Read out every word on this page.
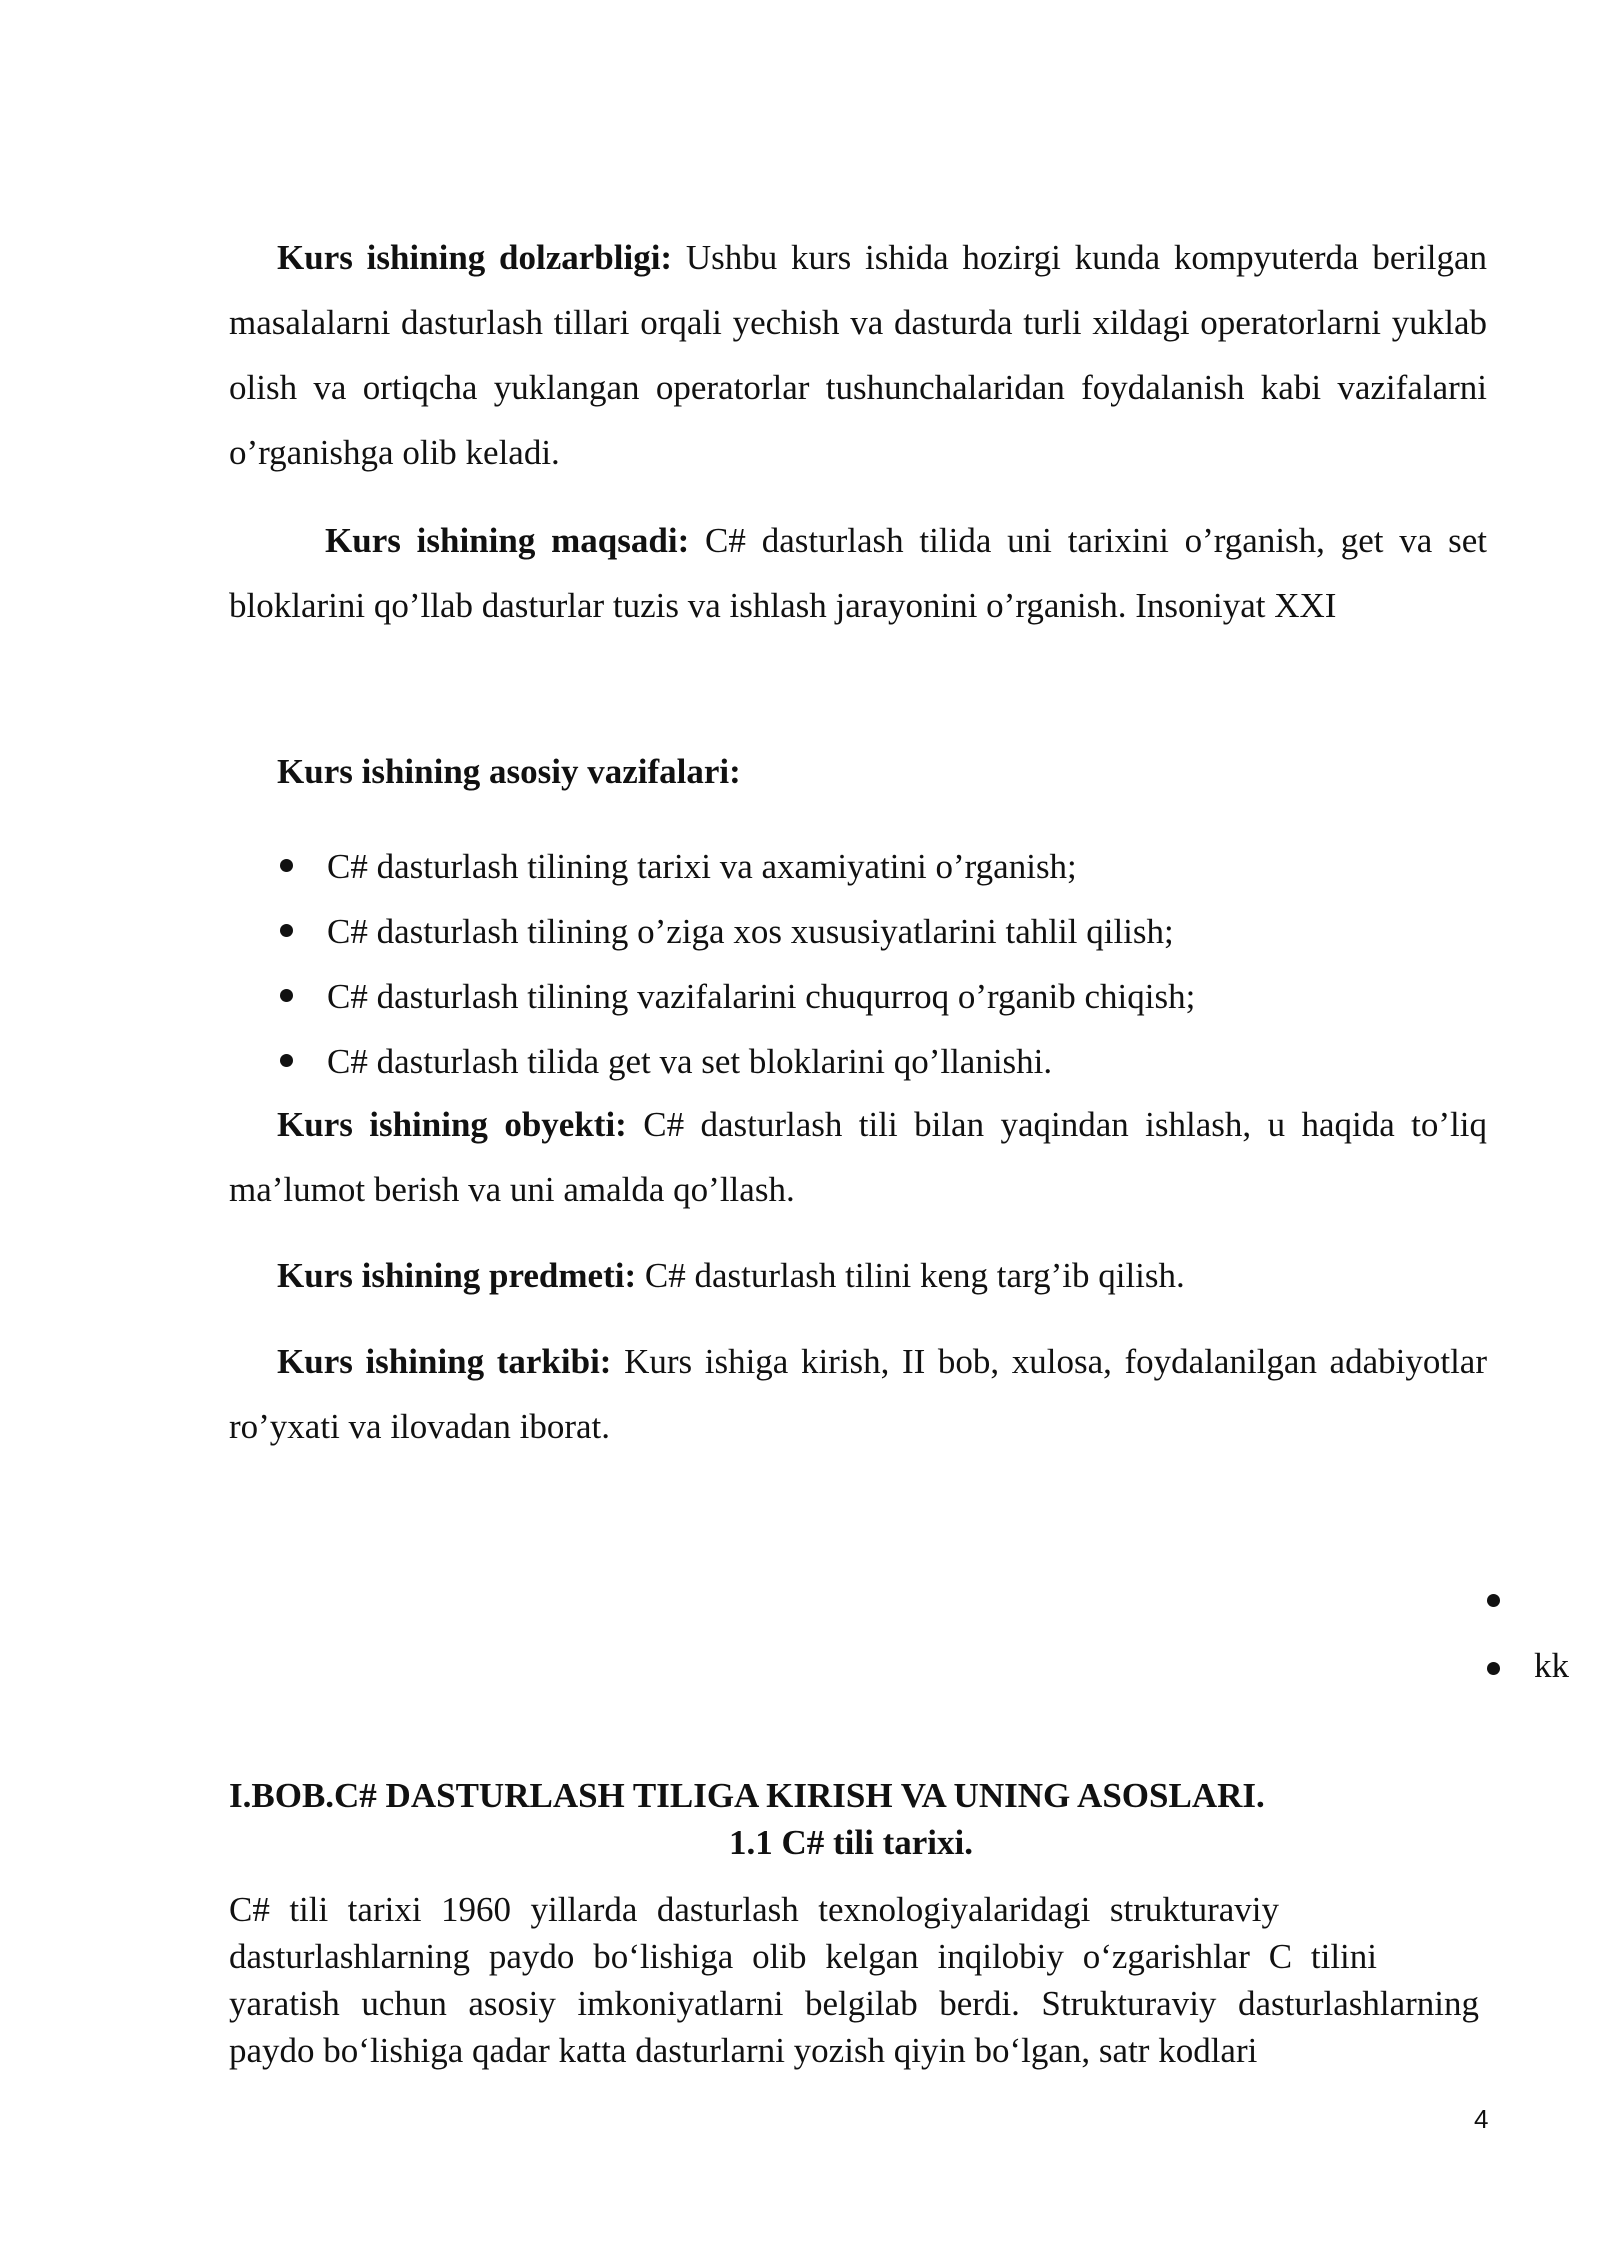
Kurs ishining dolzarbligi: Ushbu kurs ishida hozirgi kunda kompyuterda berilgan masalalarni dasturlash tillari orqali yechish va dasturda turli xildagi operatorlarni yuklab olish va ortiqcha yuklangan operatorlar tushunchalaridan foydalanish kabi vazifalarni o’rganishga olib keladi.

Kurs ishining maqsadi: C# dasturlash tilida uni tarixini o’rganish, get va set bloklarini qo’llab dasturlar tuzis va ishlash jarayonini o’rganish. Insoniyat XXI

Kurs ishining asosiy vazifalari:
C# dasturlash tilining tarixi va axamiyatini o’rganish;
C# dasturlash tilining o’ziga xos xususiyatlarini tahlil qilish;
C# dasturlash tilining vazifalarini chuqurroq o’rganib chiqish;
C# dasturlash tilida get va set bloklarini qo’llanishi.

Kurs ishining obyekti: C# dasturlash tili bilan yaqindan ishlash, u haqida to’liq ma’lumot berish va uni amalda qo’llash.

Kurs ishining predmeti: C# dasturlash tilini keng targ’ib qilish.

Kurs ishining tarkibi: Kurs ishiga kirish, II bob, xulosa, foydalanilgan adabiyotlar ro’yxati va ilovadan iborat.

kk
I.BOB.C# DASTURLASH TILIGA KIRISH VA UNING ASOSLARI.
1.1 C# tili tarixi.
C# tili tarixi 1960 yillarda dasturlash texnologiyalaridagi strukturaviy
dasturlashlarning paydo bo‘lishiga olib kelgan inqilobiy o‘zgarishlar C tilini
yaratish uchun asosiy imkoniyatlarni belgilab berdi. Strukturaviy dasturlashlarning
paydo bo‘lishiga qadar katta dasturlarni yozish qiyin bo‘lgan, satr kodlari
4
